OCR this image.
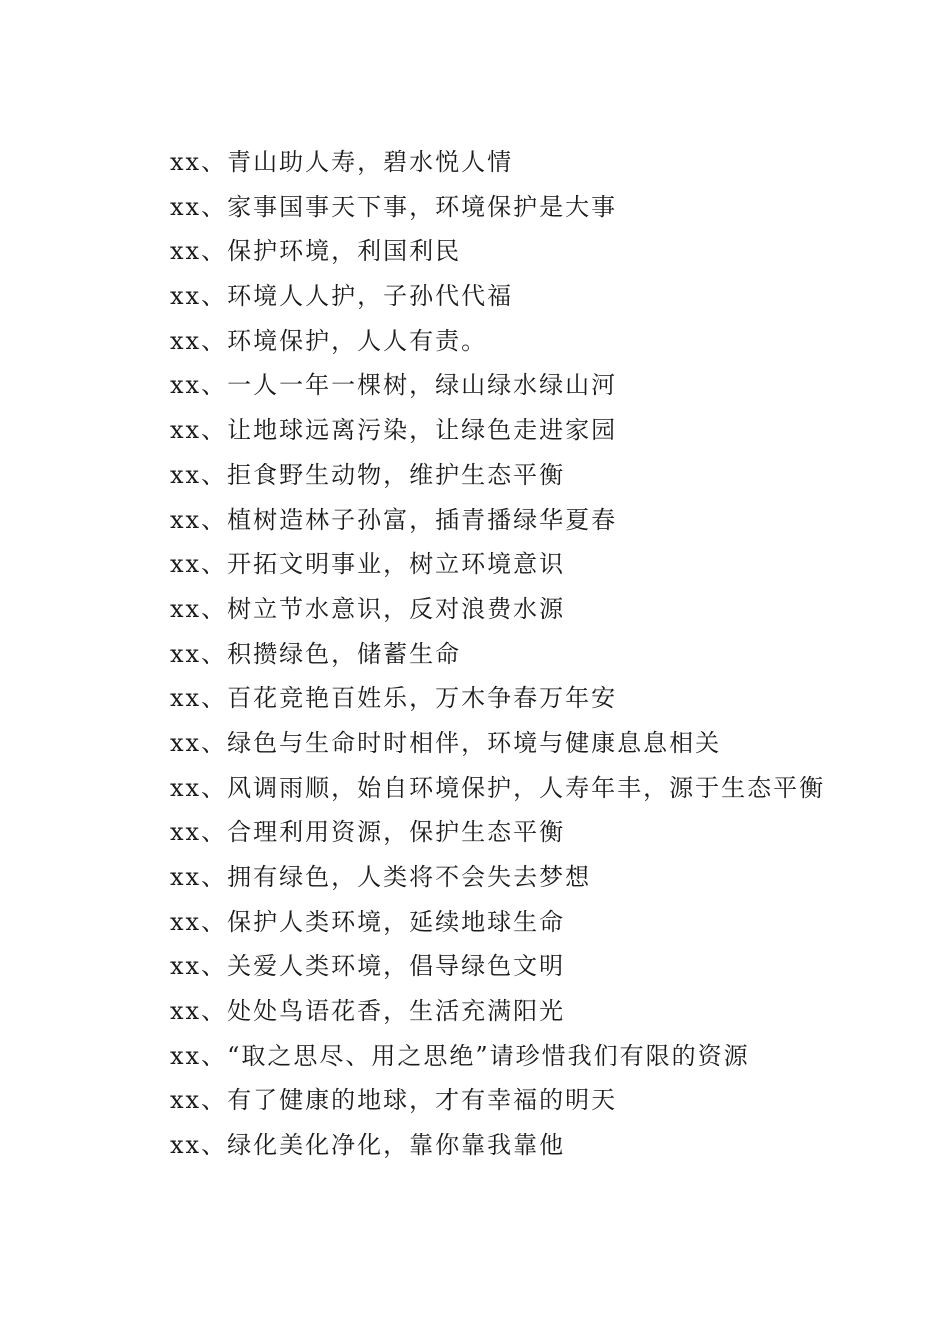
xx、青山助人寿，碧水悦人情
xx、家事国事天下事，环境保护是大事
xx、保护环境，利国利民
xx、环境人人护，子孙代代福
xx、环境保护，人人有责。
xx、一人一年一棵树，绿山绿水绿山河
xx、让地球远离污染，让绿色走进家园
xx、拒食野生动物，维护生态平衡
xx、植树造林子孙富，插青播绿华夏春
xx、开拓文明事业，树立环境意识
xx、树立节水意识，反对浪费水源
xx、积攒绿色，储蓄生命
xx、百花竞艳百姓乐，万木争春万年安
xx、绿色与生命时时相伴，环境与健康息息相关
xx、风调雨顺，始自环境保护，人寿年丰，源于生态平衡
xx、合理利用资源，保护生态平衡
xx、拥有绿色，人类将不会失去梦想
xx、保护人类环境，延续地球生命
xx、关爱人类环境，倡导绿色文明
xx、处处鸟语花香，生活充满阳光
xx、“取之思尽、用之思绝”请珍惜我们有限的资源
xx、有了健康的地球，才有幸福的明天
xx、绿化美化净化，靠你靠我靠他
